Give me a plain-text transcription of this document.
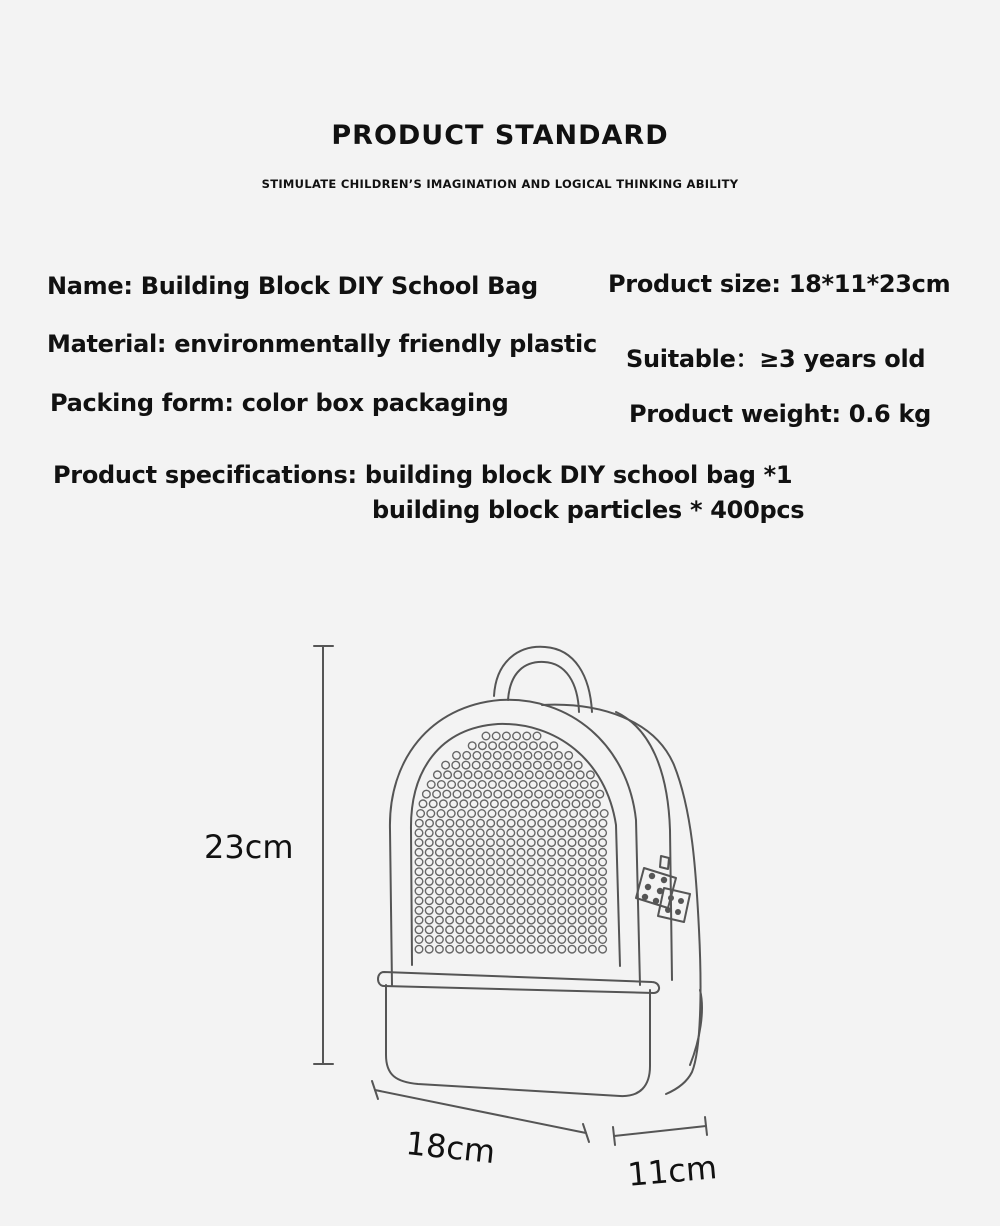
PRODUCT STANDARD
STIMULATE CHILDREN’S IMAGINATION AND LOGICAL THINKING ABILITY
Name: Building Block DIY School Bag
Material: environmentally friendly plastic
Packing form: color box packaging
Product size: 18*11*23cm
Suitable：≥3 years old
Product weight: 0.6 kg
Product specifications: building block DIY school bag *1
building block particles * 400pcs
23cm
18cm	11cm
